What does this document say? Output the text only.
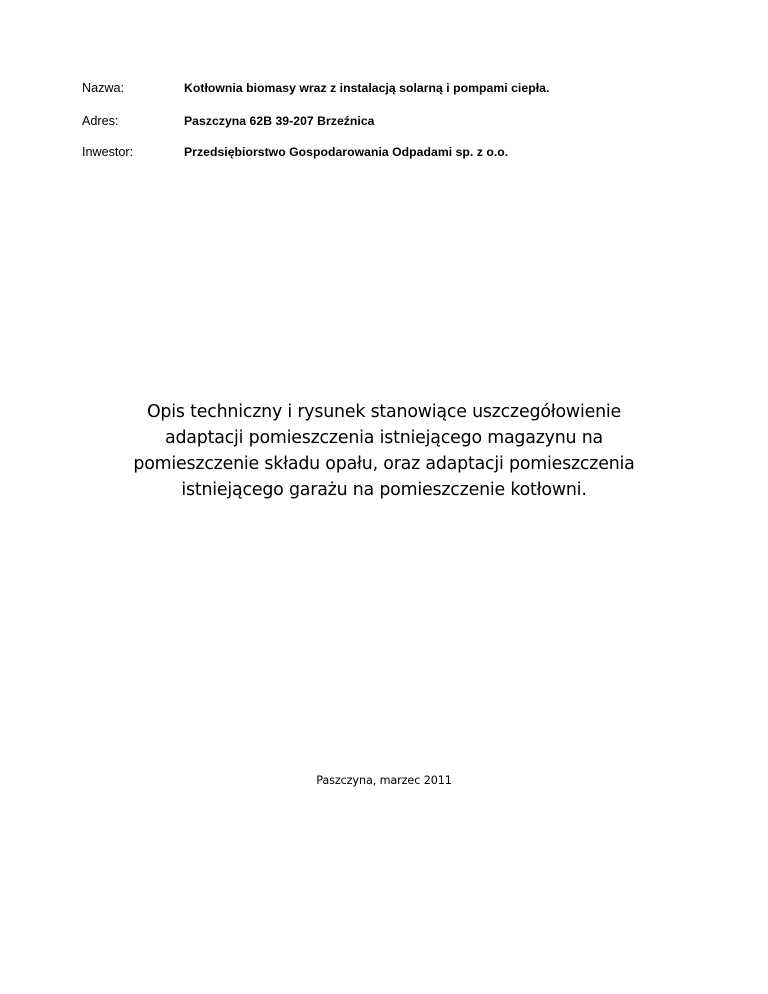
Nazwa:	Kotłownia biomasy wraz z instalacją solarną i pompami ciepła.
Adres:	Paszczyna 62B 39-207 Brzeźnica
Inwestor:	Przedsiębiorstwo Gospodarowania Odpadami sp. z o.o.
Opis techniczny i rysunek stanowiące uszczegółowienie
adaptacji pomieszczenia istniejącego magazynu na
pomieszczenie składu opału, oraz adaptacji pomieszczenia
istniejącego garażu na pomieszczenie kotłowni.
Paszczyna, marzec 2011
